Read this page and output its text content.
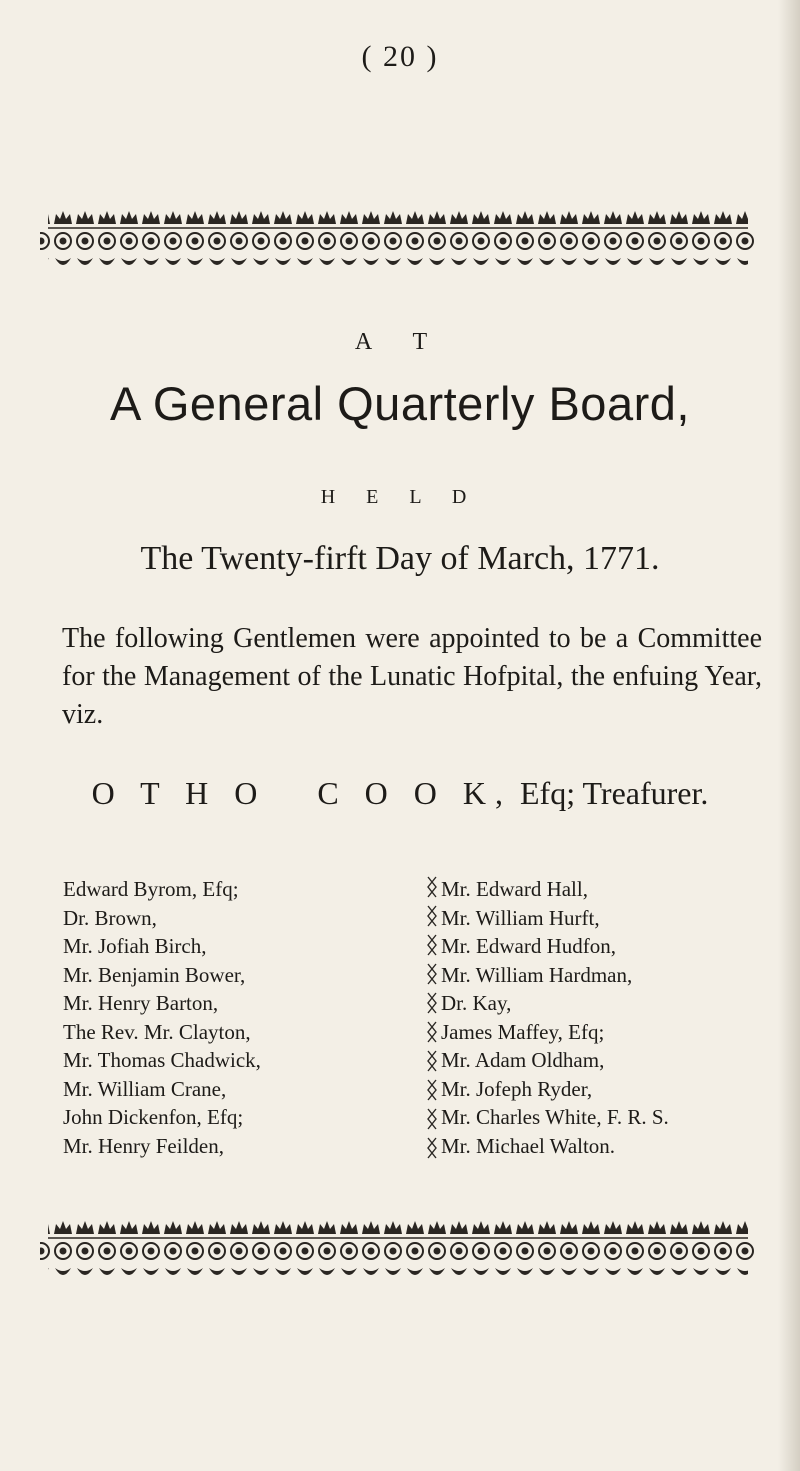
( 20 )
A T
A General Quarterly Board,
H E L D
The Twenty-firft Day of March, 1771.
The following Gentlemen were appointed to be a Committee for the Management of the Lunatic Hofpital, the enfuing Year, viz.
O T H O   C O O K, Efq; Treafurer.
Edward Byrom, Efq;
Dr. Brown,
Mr. Jofiah Birch,
Mr. Benjamin Bower,
Mr. Henry Barton,
The Rev. Mr. Clayton,
Mr. Thomas Chadwick,
Mr. William Crane,
John Dickenfon, Efq;
Mr. Henry Feilden,
Mr. Edward Hall,
Mr. William Hurft,
Mr. Edward Hudfon,
Mr. William Hardman,
Dr. Kay,
James Maffey, Efq;
Mr. Adam Oldham,
Mr. Jofeph Ryder,
Mr. Charles White, F. R. S.
Mr. Michael Walton.
